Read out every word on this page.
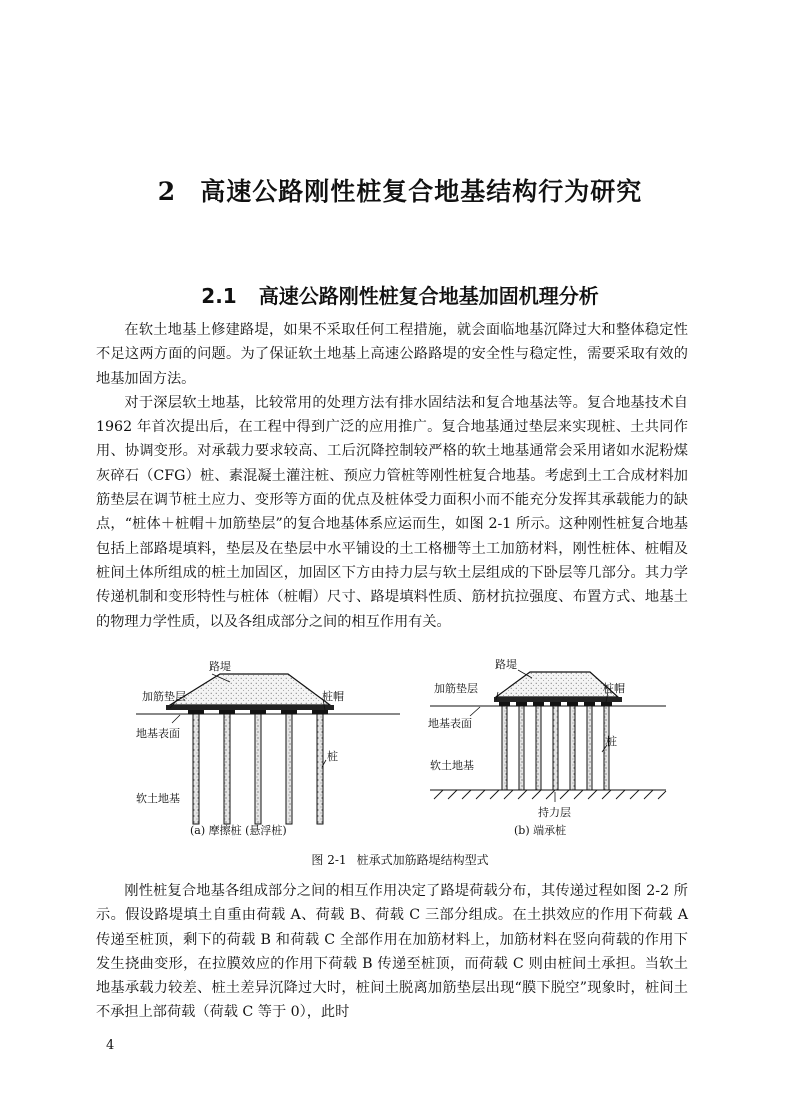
2 高速公路刚性桩复合地基结构行为研究
2.1 高速公路刚性桩复合地基加固机理分析

在软土地基上修建路堤，如果不采取任何工程措施，就会面临地基沉降过大和整体稳定性不足这两方面的问题。为了保证软土地基上高速公路路堤的安全性与稳定性，需要采取有效的地基加固方法。

对于深层软土地基，比较常用的处理方法有排水固结法和复合地基法等。复合地基技术自1962 年首次提出后，在工程中得到广泛的应用推广。复合地基通过垫层来实现桩、土共同作用、协调变形。对承载力要求较高、工后沉降控制较严格的软土地基通常会采用诸如水泥粉煤灰碎石（CFG）桩、素混凝土灌注桩、预应力管桩等刚性桩复合地基。考虑到土工合成材料加筋垫层在调节桩土应力、变形等方面的优点及桩体受力面积小而不能充分发挥其承载能力的缺点，“桩体＋桩帽＋加筋垫层”的复合地基体系应运而生，如图 2-1 所示。这种刚性桩复合地基包括上部路堤填料，垫层及在垫层中水平铺设的土工格栅等土工加筋材料，刚性桩体、桩帽及桩间土体所组成的桩土加固区，加固区下方由持力层与软土层组成的下卧层等几部分。其力学传递机制和变形特性与桩体（桩帽）尺寸、路堤填料性质、筋材抗拉强度、布置方式、地基土的物理力学性质，以及各组成部分之间的相互作用有关。

路堤
加筋垫层	桩帽
地基表面
桩
软土地基
路堤
加筋垫层	桩帽
地基表面
桩
软土地基
持力层
(a) 摩擦桩 (悬浮桩)	(b) 端承桩

图 2-1 桩承式加筋路堤结构型式

刚性桩复合地基各组成部分之间的相互作用决定了路堤荷载分布，其传递过程如图 2-2 所示。假设路堤填土自重由荷载 A、荷载 B、荷载 C 三部分组成。在土拱效应的作用下荷载 A 传递至桩顶，剩下的荷载 B 和荷载 C 全部作用在加筋材料上，加筋材料在竖向荷载的作用下发生挠曲变形，在拉膜效应的作用下荷载 B 传递至桩顶，而荷载 C 则由桩间土承担。当软土地基承载力较差、桩土差异沉降过大时，桩间土脱离加筋垫层出现“膜下脱空”现象时，桩间土不承担上部荷载（荷载 C 等于 0），此时

4
